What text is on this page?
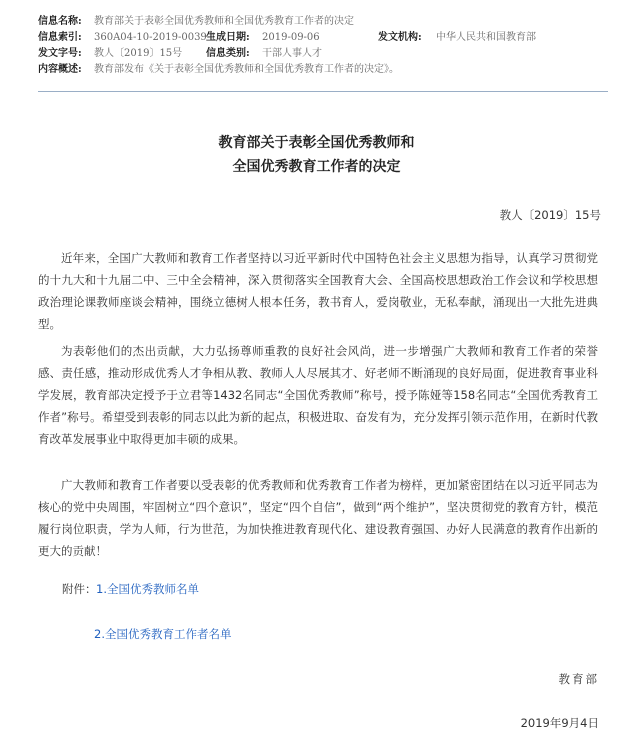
信息名称: 教育部关于表彰全国优秀教师和全国优秀教育工作者的决定
信息索引: 360A04-10-2019-0039-1
生成日期: 2019-09-06	发文机构: 中华人民共和国教育部
发文字号: 教人〔2019〕15号 信息类别: 干部人事人才
内容概述: 教育部发布《关于表彰全国优秀教师和全国优秀教育工作者的决定》。
教育部关于表彰全国优秀教师和
全国优秀教育工作者的决定
教人〔2019〕15号
近年来，全国广大教师和教育工作者坚持以习近平新时代中国特色社会主义思想为指导，认真学习贯彻党的十九大和十九届二中、三中全会精神，深入贯彻落实全国教育大会、全国高校思想政治工作会议和学校思想政治理论课教师座谈会精神，围绕立德树人根本任务，教书育人，爱岗敬业，无私奉献，涌现出一大批先进典型。
为表彰他们的杰出贡献，大力弘扬尊师重教的良好社会风尚，进一步增强广大教师和教育工作者的荣誉感、责任感，推动形成优秀人才争相从教、教师人人尽展其才、好老师不断涌现的良好局面，促进教育事业科学发展，教育部决定授予于立君等1432名同志“全国优秀教师”称号，授予陈娅等158名同志“全国优秀教育工作者”称号。希望受到表彰的同志以此为新的起点，积极进取、奋发有为，充分发挥引领示范作用，在新时代教育改革发展事业中取得更加丰硕的成果。
广大教师和教育工作者要以受表彰的优秀教师和优秀教育工作者为榜样，更加紧密团结在以习近平同志为核心的党中央周围，牢固树立“四个意识”，坚定“四个自信”，做到“两个维护”，坚决贯彻党的教育方针，模范履行岗位职责，学为人师，行为世范，为加快推进教育现代化、建设教育强国、办好人民满意的教育作出新的更大的贡献！
附件： 1.全国优秀教师名单
2.全国优秀教育工作者名单
教育部
2019年9月4日
